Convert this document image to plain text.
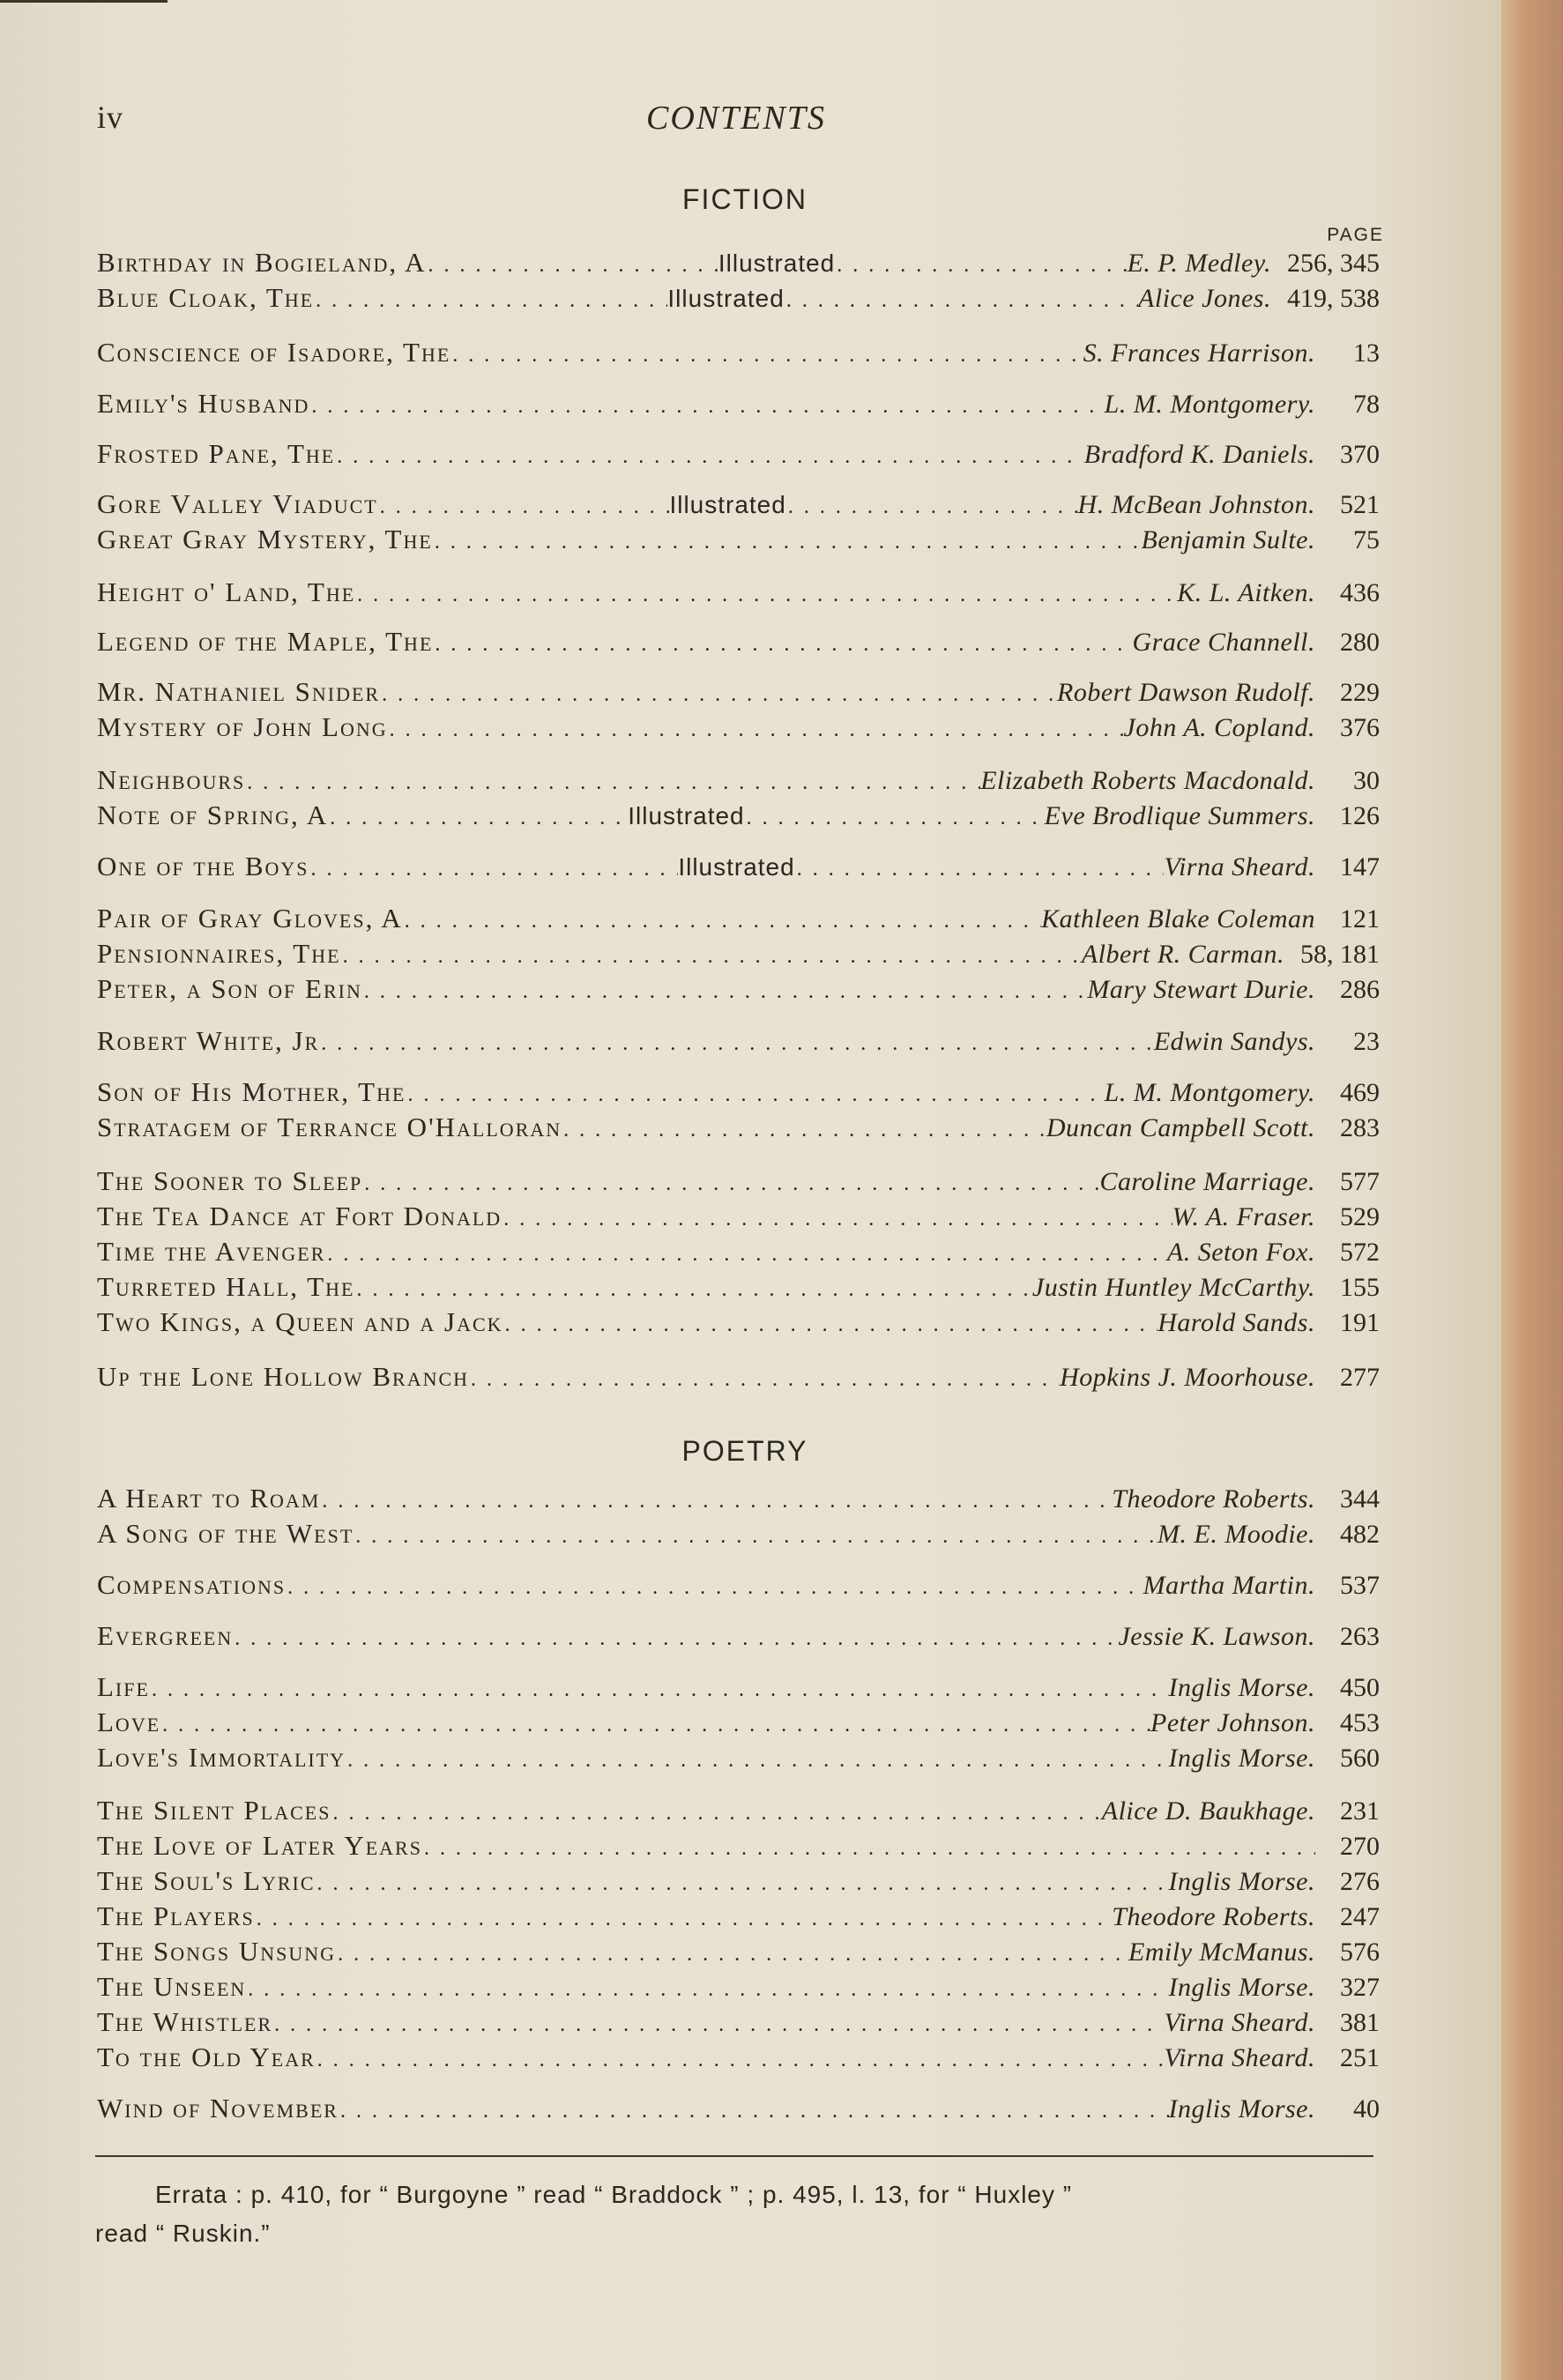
iv	CONTENTS
FICTION
PAGE
Birthday in Bogieland, A . . .	Illustrated . . .	E. P. Medley. 256, 345
Blue Cloak, The . . .	Illustrated . . .	Alice Jones. 419, 538
Conscience of Isadore, The . . .	S. Frances Harrison.	13
Emily's Husband . . .	L. M. Montgomery.	78
Frosted Pane, The . . .	Bradford K. Daniels. 370
Gore Valley Viaduct . . .	Illustrated . . .	H. McBean Johnston. 521
Great Gray Mystery, The . . .	Benjamin Sulte.	75
Height o' Land, The . . .	K. L. Aitken. 436
Legend of the Maple, The . . .	Grace Channell. 280
Mr. Nathaniel Snider . . .	Robert Dawson Rudolf. 229
Mystery of John Long . . .	John A. Copland. 376
Neighbours . . .	Elizabeth Roberts Macdonald.	30
Note of Spring, A . . .	Illustrated . . .	Eve Brodlique Summers. 126
One of the Boys . . .	Illustrated . . .	Virna Sheard. 147
Pair of Gray Gloves, A . . .	Kathleen Blake Coleman 121
Pensionnaires, The . . .	Albert R. Carman. 58, 181
Peter, a Son of Erin . . .	Mary Stewart Durie. 286
Robert White, Jr . . .	Edwin Sandys.	23
Son of His Mother, The . . .	L. M. Montgomery. 469
Stratagem of Terrance O'Halloran . . .	Duncan Campbell Scott. 283
The Sooner to Sleep . . .	Caroline Marriage. 577
The Tea Dance at Fort Donald . . .	W. A. Fraser. 529
Time the Avenger . . .	A. Seton Fox. 572
Turreted Hall, The . . .	Justin Huntley McCarthy. 155
Two Kings, a Queen and a Jack . . .	Harold Sands. 191
Up the Lone Hollow Branch . . .	Hopkins J. Moorhouse. 277
POETRY
A Heart to Roam . . .	Theodore Roberts. 344
A Song of the West . . .	M. E. Moodie. 482
Compensations . . .	Martha Martin. 537
Evergreen . . .	Jessie K. Lawson. 263
Life . . .	Inglis Morse. 450
Love . . .	Peter Johnson. 453
Love's Immortality . . .	Inglis Morse. 560
The Silent Places . . .	Alice D. Baukhage. 231
The Love of Later Years . . .	270
The Soul's Lyric . . .	Inglis Morse. 276
The Players . . .	Theodore Roberts. 247
The Songs Unsung . . .	Emily McManus. 576
The Unseen . . .	Inglis Morse. 327
The Whistler . . .	Virna Sheard. 381
To the Old Year . . .	Virna Sheard. 251
Wind of November . . .	Inglis Morse.	40
Errata : p. 410, for “ Burgoyne ” read “ Braddock ” ; p. 495, l. 13, for “ Huxley ”
read “ Ruskin.”
